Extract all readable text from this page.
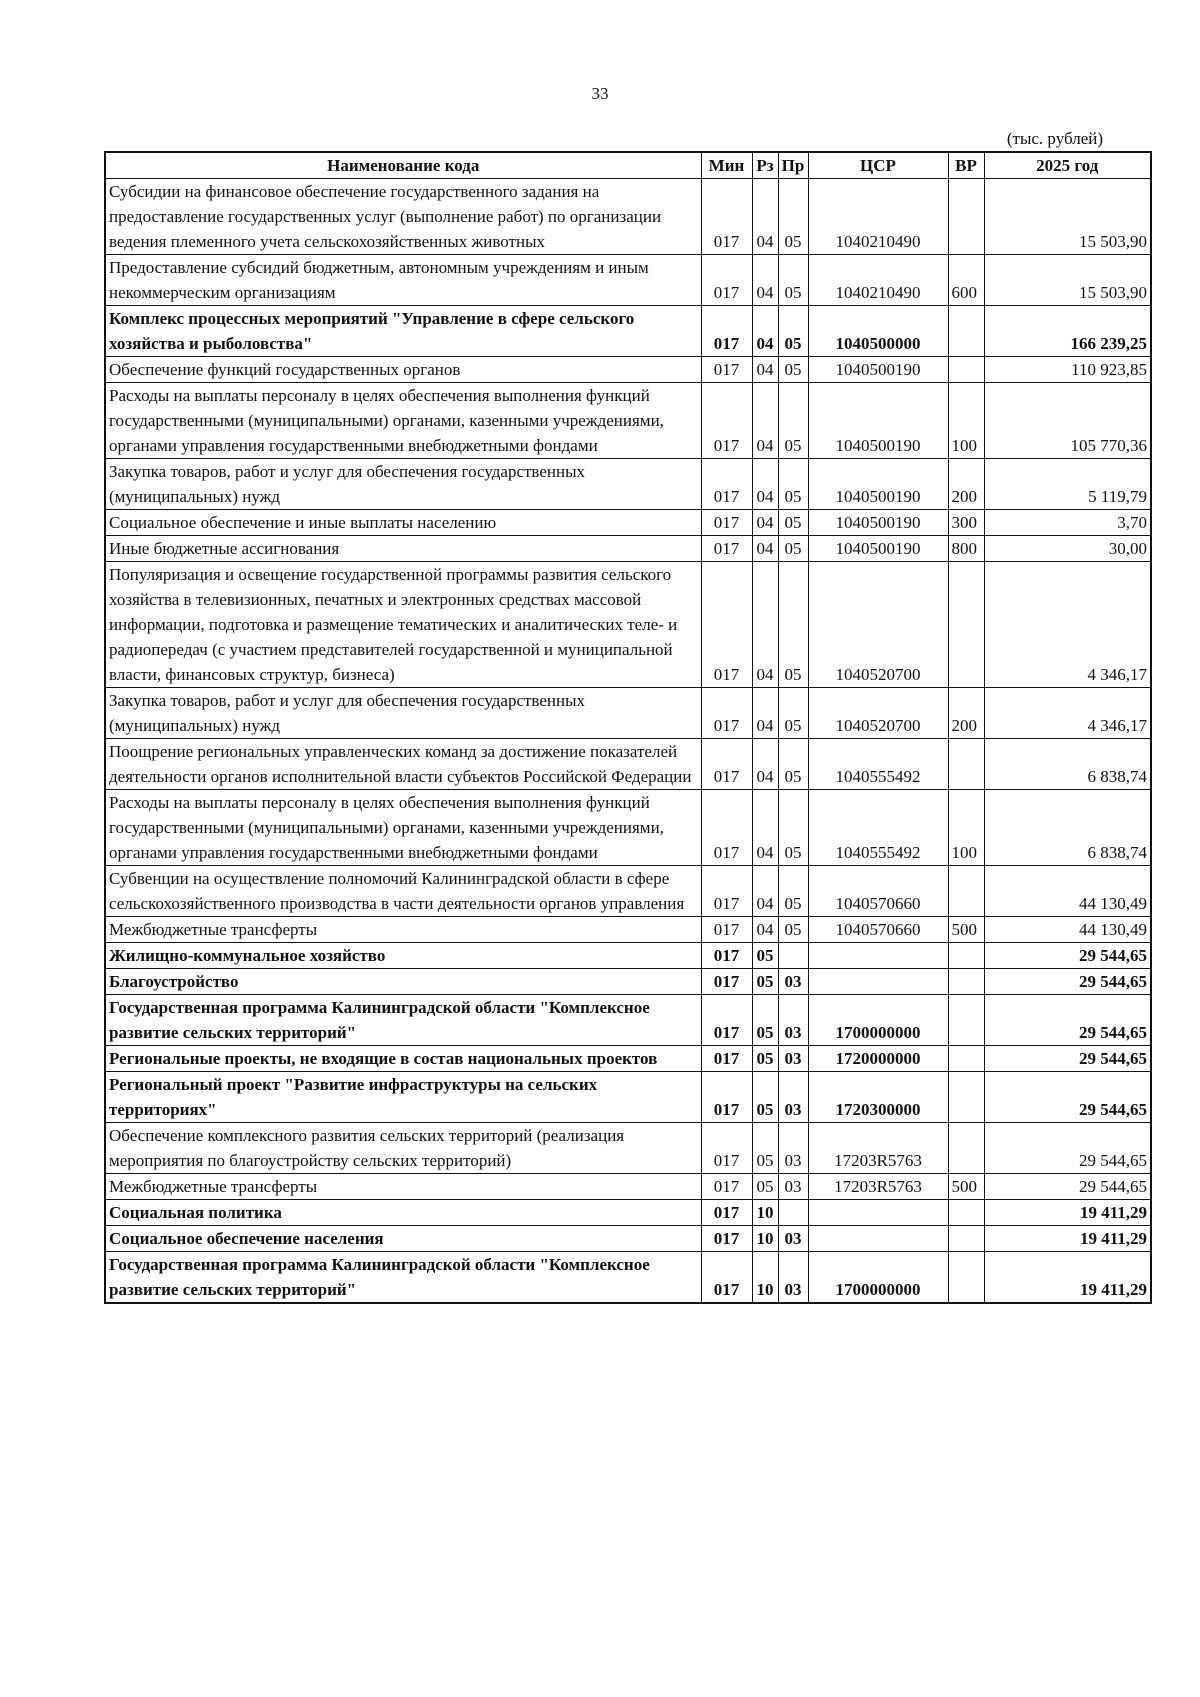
33
(тыс. рублей)
Наименование кода	Мин	Рз	Пр	ЦСР	ВР	2025 год
Субсидии на финансовое обеспечение государственного задания на предоставление государственных услуг (выполнение работ) по организации ведения племенного учета сельскохозяйственных животных	017	04	05	1040210490		15 503,90
Предоставление субсидий бюджетным, автономным учреждениям и иным некоммерческим организациям	017	04	05	1040210490	600	15 503,90
Комплекс процессных мероприятий "Управление в сфере сельского хозяйства и рыболовства"	017	04	05	1040500000		166 239,25
Обеспечение функций государственных органов	017	04	05	1040500190		110 923,85
Расходы на выплаты персоналу в целях обеспечения выполнения функций государственными (муниципальными) органами, казенными учреждениями, органами управления государственными внебюджетными фондами	017	04	05	1040500190	100	105 770,36
Закупка товаров, работ и услуг для обеспечения государственных (муниципальных) нужд	017	04	05	1040500190	200	5 119,79
Социальное обеспечение и иные выплаты населению	017	04	05	1040500190	300	3,70
Иные бюджетные ассигнования	017	04	05	1040500190	800	30,00
Популяризация и освещение государственной программы развития сельского хозяйства в телевизионных, печатных и электронных средствах массовой информации, подготовка и размещение тематических и аналитических теле- и радиопередач (с участием представителей государственной и муниципальной власти, финансовых структур, бизнеса)	017	04	05	1040520700		4 346,17
Закупка товаров, работ и услуг для обеспечения государственных (муниципальных) нужд	017	04	05	1040520700	200	4 346,17
Поощрение региональных управленческих команд за достижение показателей деятельности органов исполнительной власти субъектов Российской Федерации	017	04	05	1040555492		6 838,74
Расходы на выплаты персоналу в целях обеспечения выполнения функций государственными (муниципальными) органами, казенными учреждениями, органами управления государственными внебюджетными фондами	017	04	05	1040555492	100	6 838,74
Субвенции на осуществление полномочий Калининградской области в сфере сельскохозяйственного производства в части деятельности органов управления	017	04	05	1040570660		44 130,49
Межбюджетные трансферты	017	04	05	1040570660	500	44 130,49
Жилищно-коммунальное хозяйство	017	05				29 544,65
Благоустройство	017	05	03			29 544,65
Государственная программа Калининградской области "Комплексное развитие сельских территорий"	017	05	03	1700000000		29 544,65
Региональные проекты, не входящие в состав национальных проектов	017	05	03	1720000000		29 544,65
Региональный проект "Развитие инфраструктуры на сельских территориях"	017	05	03	1720300000		29 544,65
Обеспечение комплексного развития сельских территорий (реализация мероприятия по благоустройству сельских территорий)	017	05	03	17203R5763		29 544,65
Межбюджетные трансферты	017	05	03	17203R5763	500	29 544,65
Социальная политика	017	10				19 411,29
Социальное обеспечение населения	017	10	03			19 411,29
Государственная программа Калининградской области "Комплексное развитие сельских территорий"	017	10	03	1700000000		19 411,29
